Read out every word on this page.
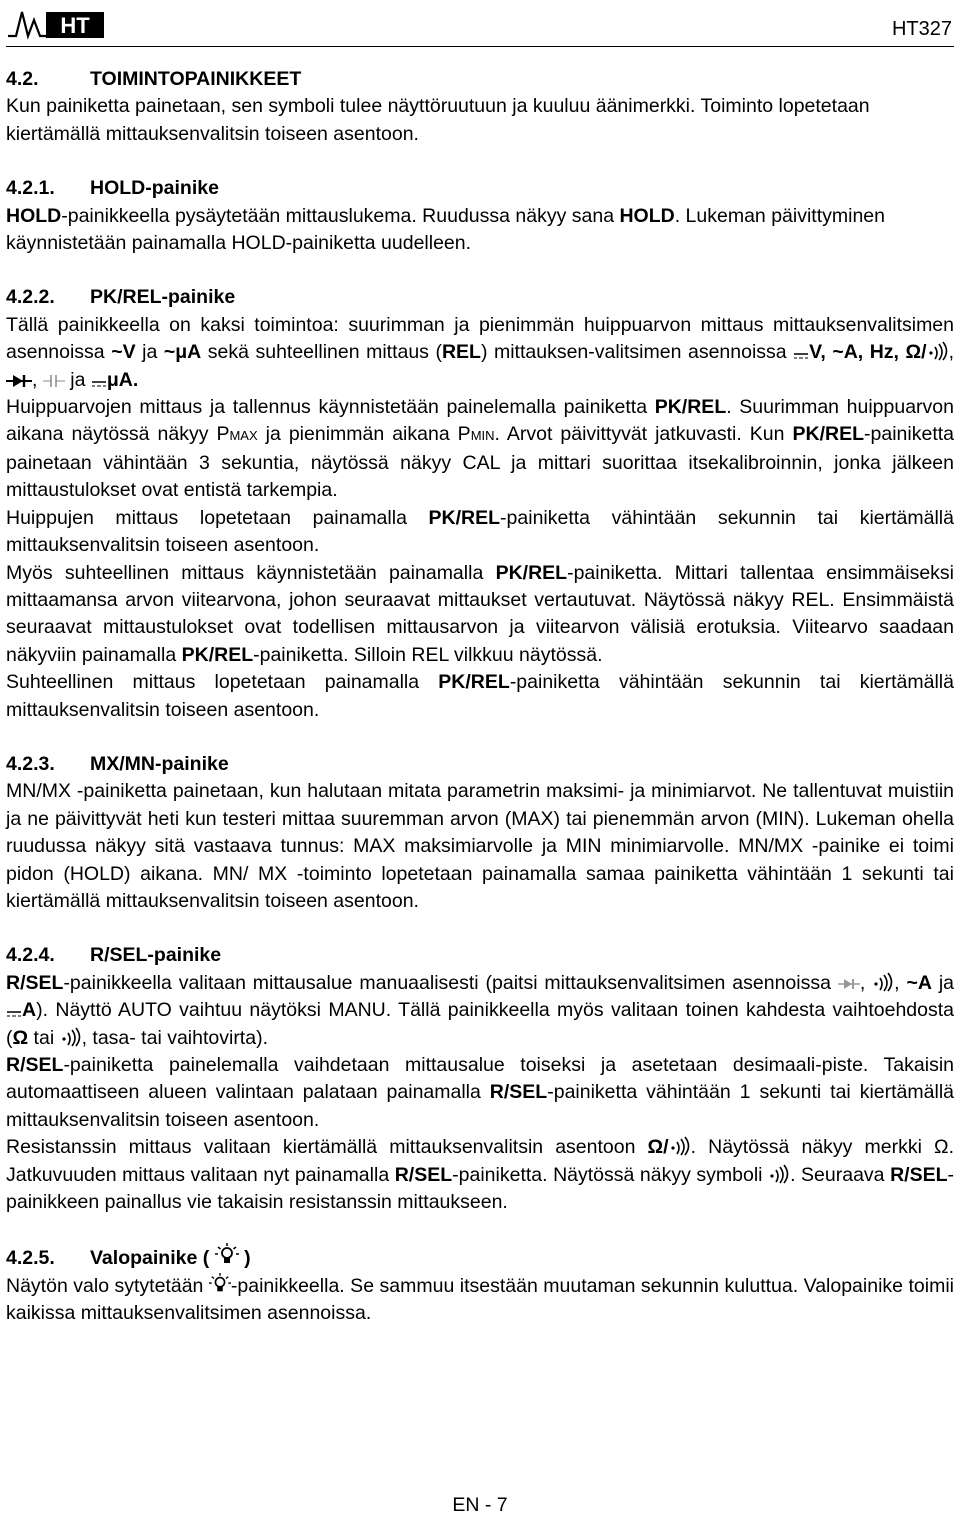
HT	HT327

4.2.	TOIMINTOPAINIKKEET

Kun painiketta painetaan, sen symboli tulee näyttöruutuun ja kuuluu äänimerkki. Toiminto lopetetaan kiertämällä mittauksenvalitsin toiseen asentoon.

4.2.1. HOLD-painike

HOLD-painikkeella pysäytetään mittauslukema. Ruudussa näkyy sana HOLD. Lukeman päivittyminen käynnistetään painamalla HOLD-painiketta uudelleen.

4.2.2. PK/REL-painike

Tällä painikkeella on kaksi toimintoa: suurimman ja pienimmän huippuarvon mittaus mittauksenvalitsimen asennoissa ~V ja ~μA sekä suhteellinen mittaus (REL) mittauksen-valitsimen asennoissa V, ~A, Hz, Ω/ , ,  ja μA.

Huippuarvojen mittaus ja tallennus käynnistetään painelemalla painiketta PK/REL. Suurimman huippuarvon aikana näytössä näkyy PMAX ja pienimmän aikana PMIN. Arvot päivittyvät jatkuvasti. Kun PK/REL-painiketta painetaan vähintään 3 sekuntia, näytössä näkyy CAL ja mittari suorittaa itsekalibroinnin, jonka jälkeen mittaustulokset ovat entistä tarkempia.

Huippujen mittaus lopetetaan painamalla PK/REL-painiketta vähintään sekunnin tai kiertämällä mittauksenvalitsin toiseen asentoon.

Myös suhteellinen mittaus käynnistetään painamalla PK/REL-painiketta. Mittari tallentaa ensimmäiseksi mittaamansa arvon viitearvona, johon seuraavat mittaukset vertautuvat. Näytössä näkyy REL. Ensimmäistä seuraavat mittaustulokset ovat todellisen mittausarvon ja viitearvon välisiä erotuksia. Viitearvo saadaan näkyviin painamalla PK/REL-painiketta. Silloin REL vilkkuu näytössä.

Suhteellinen mittaus lopetetaan painamalla PK/REL-painiketta vähintään sekunnin tai kiertämällä mittauksenvalitsin toiseen asentoon.

4.2.3. MX/MN-painike

MN/MX -painiketta painetaan, kun halutaan mitata parametrin maksimi- ja minimiarvot. Ne tallentuvat muistiin ja ne päivittyvät heti kun testeri mittaa suuremman arvon (MAX) tai pienemmän arvon (MIN). Lukeman ohella ruudussa näkyy sitä vastaava tunnus: MAX maksimiarvolle ja MIN minimiarvolle. MN/MX -painike ei toimi pidon (HOLD) aikana. MN/ MX -toiminto lopetetaan painamalla samaa painiketta vähintään 1 sekunti tai kiertämällä mittauksenvalitsin toiseen asentoon.

4.2.4. R/SEL-painike

R/SEL-painikkeella valitaan mittausalue manuaalisesti (paitsi mittauksenvalitsimen asennoissa , , ~A ja A). Näyttö AUTO vaihtuu näytöksi MANU. Tällä painikkeella myös valitaan toinen kahdesta vaihtoehdosta (Ω tai , tasa- tai vaihtovirta).

R/SEL-painiketta painelemalla vaihdetaan mittausalue toiseksi ja asetetaan desimaali-piste. Takaisin automaattiseen alueen valintaan palataan painamalla R/SEL-painiketta vähintään 1 sekunti tai kiertämällä mittauksenvalitsin toiseen asentoon.

Resistanssin mittaus valitaan kiertämällä mittauksenvalitsin asentoon Ω/ . Näytössä näkyy merkki Ω. Jatkuvuuden mittaus valitaan nyt painamalla R/SEL-painiketta. Näytössä näkyy symboli . Seuraava R/SEL-painikkeen painallus vie takaisin resistanssin mittaukseen.

4.2.5. Valopainike ( )

Näytön valo sytytetään -painikkeella. Se sammuu itsestään muutaman sekunnin kuluttua. Valopainike toimii kaikissa mittauksenvalitsimen asennoissa.

EN - 7
